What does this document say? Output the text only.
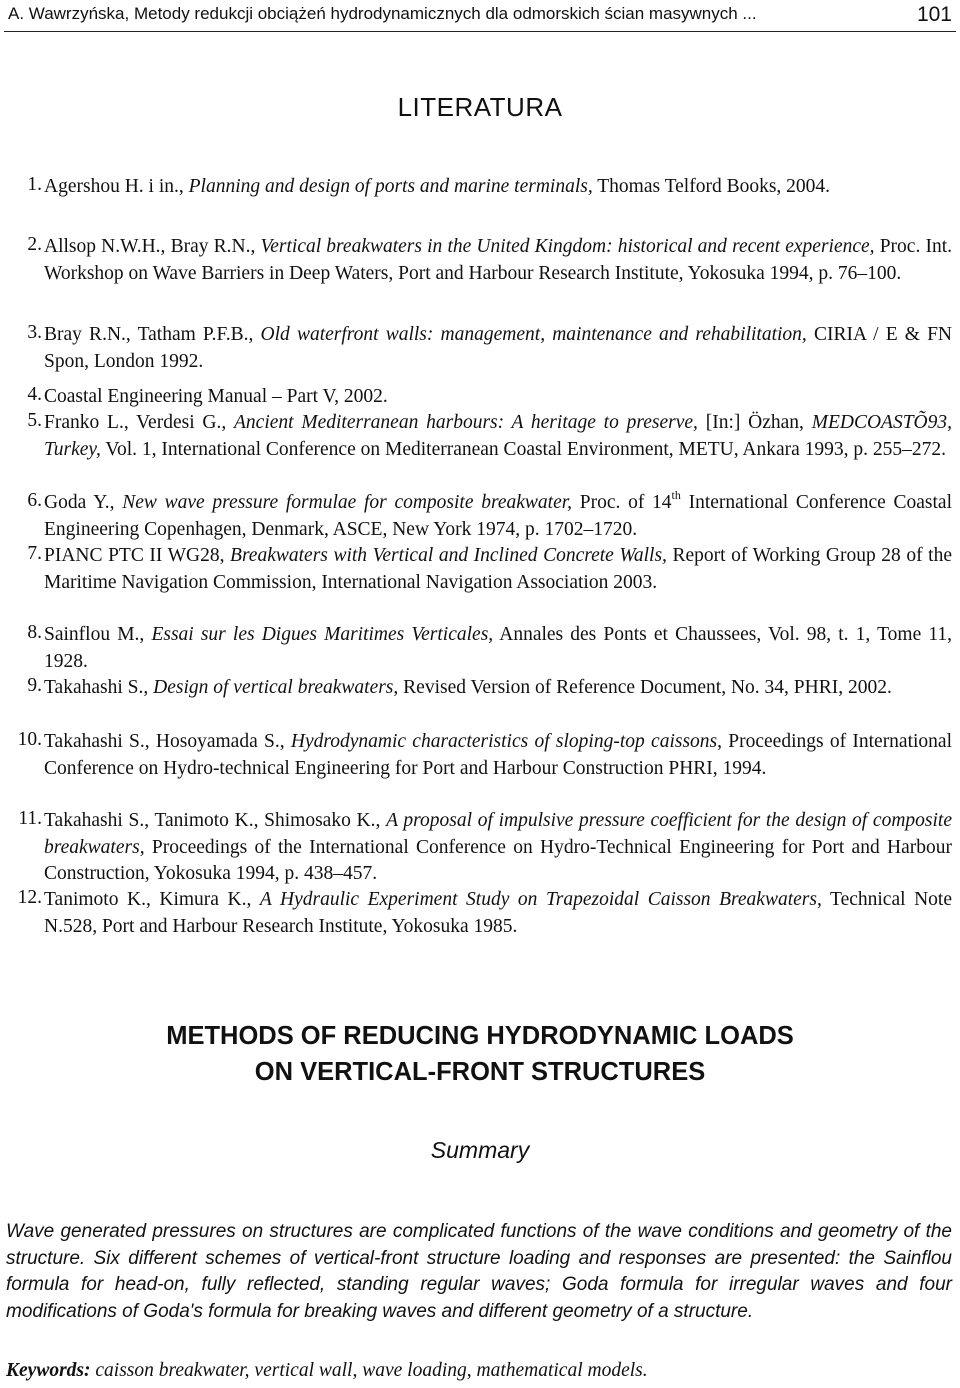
A. Wawrzyńska, Metody redukcji obciążeń hydrodynamicznych dla odmorskich ścian masywnych ...	101
LITERATURA
1. Agershou H. i in., Planning and design of ports and marine terminals, Thomas Telford Books, 2004.
2. Allsop N.W.H., Bray R.N., Vertical breakwaters in the United Kingdom: historical and recent experience, Proc. Int. Workshop on Wave Barriers in Deep Waters, Port and Harbour Research Institute, Yokosuka 1994, p. 76–100.
3. Bray R.N., Tatham P.F.B., Old waterfront walls: management, maintenance and rehabilitation, CIRIA / E & FN Spon, London 1992.
4. Coastal Engineering Manual – Part V, 2002.
5. Franko L., Verdesi G., Ancient Mediterranean harbours: A heritage to preserve, [In:] Özhan, MEDCOASTÕ93, Turkey, Vol. 1, International Conference on Mediterranean Coastal Environment, METU, Ankara 1993, p. 255–272.
6. Goda Y., New wave pressure formulae for composite breakwater, Proc. of 14th International Conference Coastal Engineering Copenhagen, Denmark, ASCE, New York 1974, p. 1702–1720.
7. PIANC PTC II WG28, Breakwaters with Vertical and Inclined Concrete Walls, Report of Working Group 28 of the Maritime Navigation Commission, International Navigation Association 2003.
8. Sainflou M., Essai sur les Digues Maritimes Verticales, Annales des Ponts et Chaussees, Vol. 98, t. 1, Tome 11, 1928.
9. Takahashi S., Design of vertical breakwaters, Revised Version of Reference Document, No. 34, PHRI, 2002.
10. Takahashi S., Hosoyamada S., Hydrodynamic characteristics of sloping-top caissons, Proceedings of International Conference on Hydro-technical Engineering for Port and Harbour Construction PHRI, 1994.
11. Takahashi S., Tanimoto K., Shimosako K., A proposal of impulsive pressure coefficient for the design of composite breakwaters, Proceedings of the International Conference on Hydro-Technical Engineering for Port and Harbour Construction, Yokosuka 1994, p. 438–457.
12. Tanimoto K., Kimura K., A Hydraulic Experiment Study on Trapezoidal Caisson Breakwaters, Technical Note N.528, Port and Harbour Research Institute, Yokosuka 1985.
METHODS OF REDUCING HYDRODYNAMIC LOADS
ON VERTICAL-FRONT STRUCTURES
Summary
Wave generated pressures on structures are complicated functions of the wave conditions and geometry of the structure. Six different schemes of vertical-front structure loading and responses are presented: the Sainflou formula for head-on, fully reflected, standing regular waves; Goda formula for irregular waves and four modifications of Goda's formula for breaking waves and different geometry of a structure.
Keywords: caisson breakwater, vertical wall, wave loading, mathematical models.
